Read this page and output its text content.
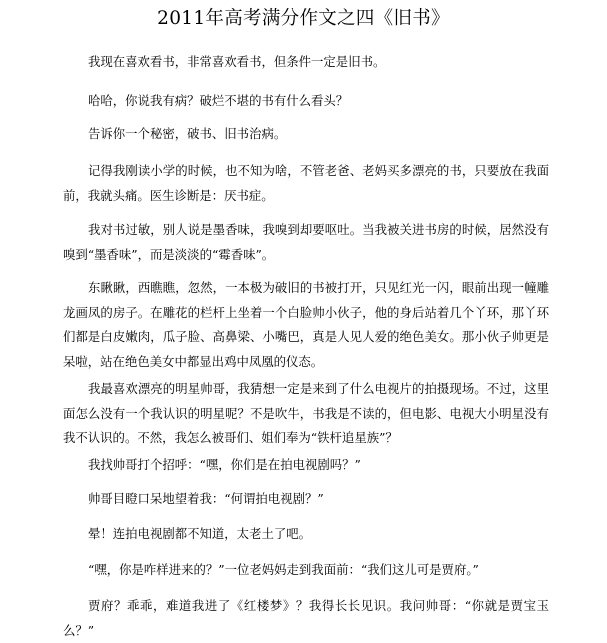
2011年高考满分作文之四《旧书》

我现在喜欢看书，非常喜欢看书，但条件一定是旧书。

哈哈，你说我有病？破烂不堪的书有什么看头？

告诉你一个秘密，破书、旧书治病。

记得我刚读小学的时候，也不知为啥，不管老爸、老妈买多漂亮的书，只要放在我面前，我就头痛。医生诊断是：厌书症。

我对书过敏，别人说是墨香味，我嗅到却要呕吐。当我被关进书房的时候，居然没有嗅到“墨香味”，而是淡淡的“霉香味”。

东瞅瞅，西瞧瞧，忽然，一本极为破旧的书被打开，只见红光一闪，眼前出现一幢雕龙画凤的房子。在雕花的栏杆上坐着一个白脸帅小伙子，他的身后站着几个丫环，那丫环们都是白皮嫩肉，瓜子脸、高鼻梁、小嘴巴，真是人见人爱的绝色美女。那小伙子帅更是呆啦，站在绝色美女中都显出鸡中凤凰的仪态。

我最喜欢漂亮的明星帅哥，我猜想一定是来到了什么电视片的拍摄现场。不过，这里面怎么没有一个我认识的明星呢？不是吹牛，书我是不读的，但电影、电视大小明星没有我不认识的。不然，我怎么被哥们、姐们奉为“铁杆追星族”？

我找帅哥打个招呼：“嘿，你们是在拍电视剧吗？”

帅哥目瞪口呆地望着我：“何谓拍电视剧？”

晕！连拍电视剧都不知道，太老土了吧。

“嘿，你是咋样进来的？”一位老妈妈走到我面前：“我们这儿可是贾府。”

贾府？乖乖，难道我进了《红楼梦》？我得长长见识。我问帅哥：“你就是贾宝玉么？”
